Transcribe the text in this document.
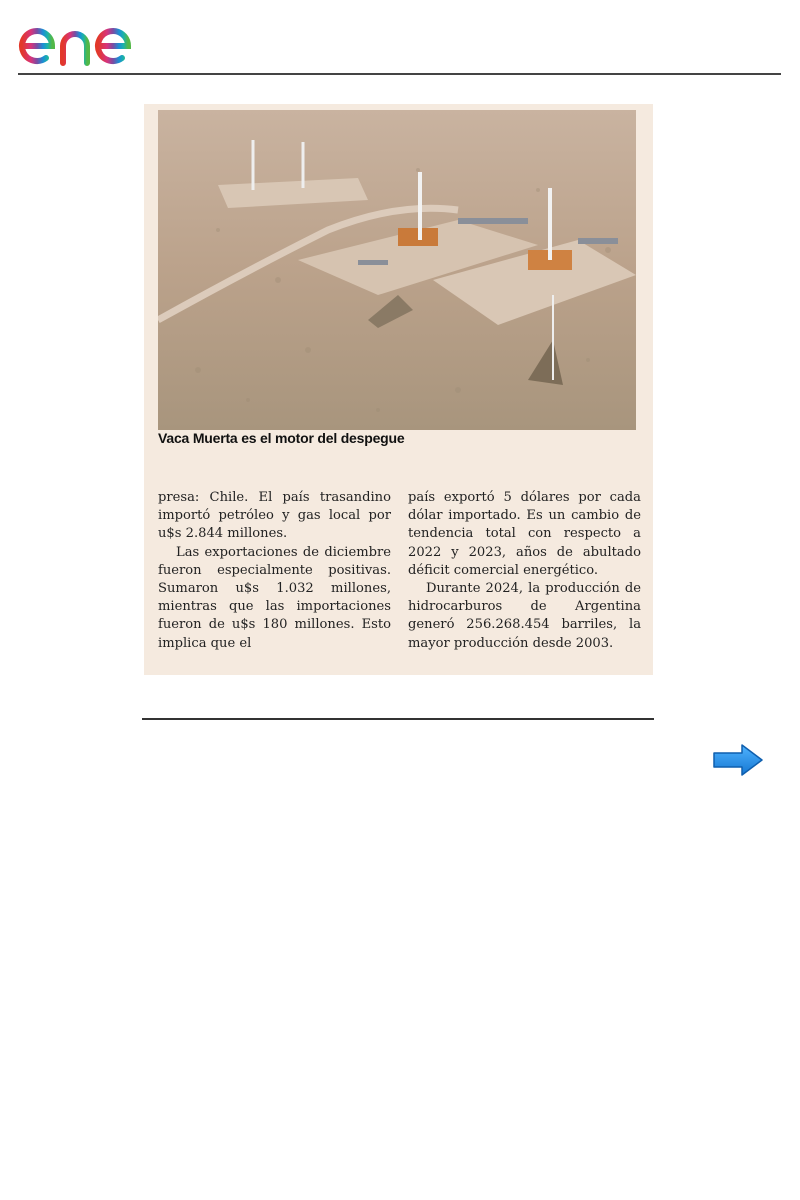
Vaca Muerta es el motor del despegue

presa: Chile. El país trasandino importó petróleo y gas local por u$s 2.844 millones.

Las exportaciones de diciembre fueron especialmente positivas. Sumaron u$s 1.032 millones, mientras que las importaciones fueron de u$s 180 millones. Esto implica que el

país exportó 5 dólares por cada dólar importado. Es un cambio de tendencia total con respecto a 2022 y 2023, años de abultado déficit comercial energético.

Durante 2024, la producción de hidrocarburos de Argentina generó 256.268.454 barriles, la mayor producción desde 2003.
